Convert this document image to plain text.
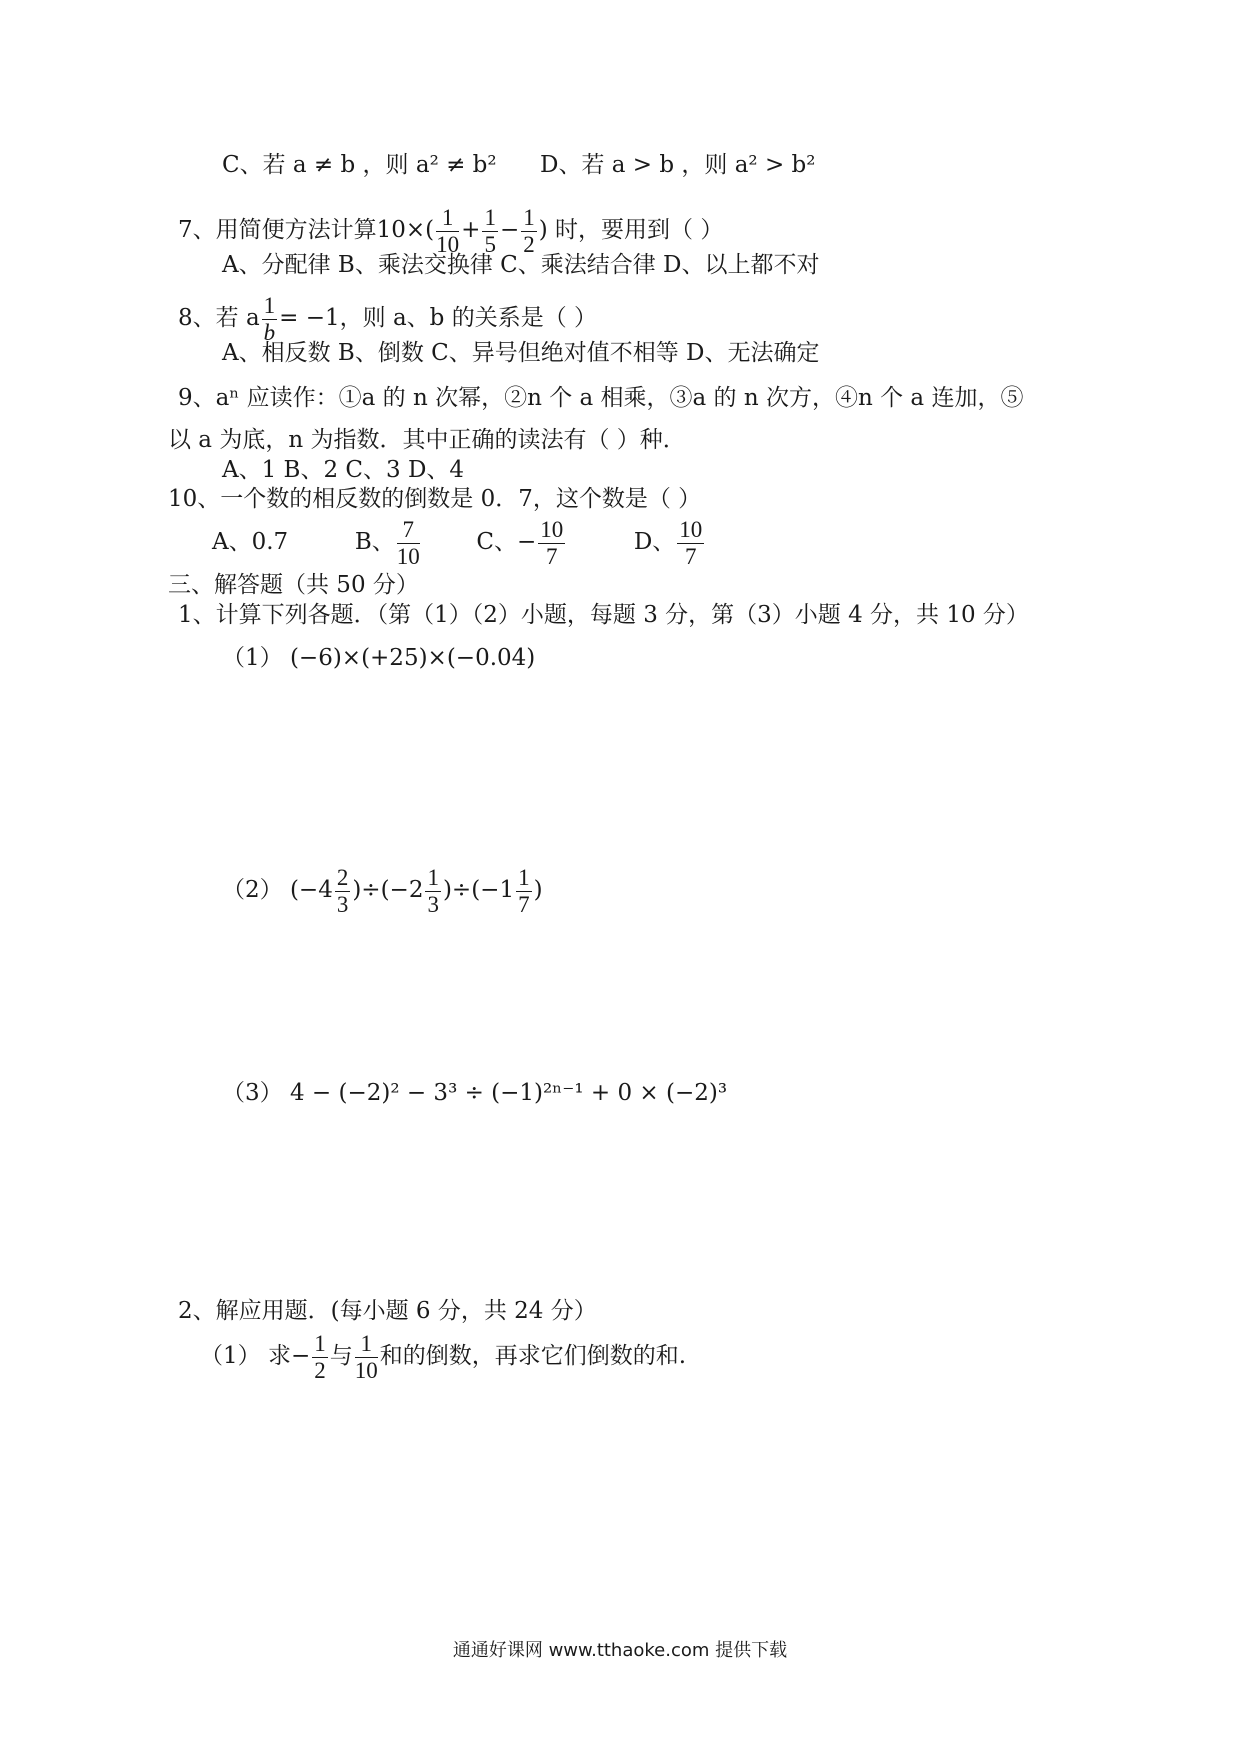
C、若 a ≠ b ，则 a² ≠ b² D、若 a > b ，则 a² > b²
7、用简便方法计算$10\times( \frac{1}{10} + \frac{1}{5} - \frac{1}{2}$ ) 时，要用到（ ）
A、分配律 B、乘法交换律 C、乘法结合律 D、以上都不对
8、若 a $\frac{1}{b} = -1$，则 a、b 的关系是（ ）
A、相反数 B、倒数 C、异号但绝对值不相等 D、无法确定
9、aⁿ 应读作：①a 的 n 次幂，②n 个 a 相乘，③a 的 n 次方，④n 个 a 连加，⑤
以 a 为底，n 为指数．其中正确的读法有（ ）种．
A、1 B、2 C、3 D、4
10、一个数的相反数的倒数是 0．7，这个数是（ ）
A、0.7	B、 $\frac{7}{10}$ C、− $\frac{10}{7}$	D、 $\frac{10}{7}$
三、解答题（共 50 分）
1、计算下列各题．（第（1）（2）小题，每题 3 分，第（3）小题 4 分，共 10 分）
（1） (−6)×(+25)×(−0.04)
（2） $(-4 \frac{2}{3} )\div(-2 \frac{1}{3} )\div(-1 \frac{1}{7}$ )
（3） 4 − (−2)² − 3³ ÷ (−1)²ⁿ⁻¹ + 0 × (−2)³
2、解应用题．(每小题 6 分，共 24 分）
（1） 求− $\frac{1}{2}$ 与 $\frac{1}{10}$ 和的倒数，再求它们倒数的和.
通通好课网 www.tthaoke.com 提供下载
